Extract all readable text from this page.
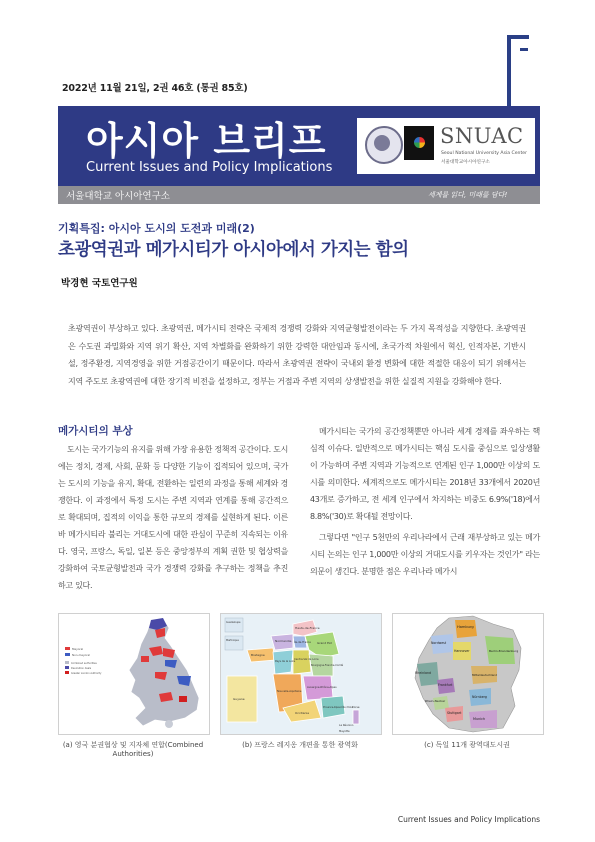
2022년 11월 21일, 2권 46호 (통권 85호)
아시아 브리프
Current Issues and Policy Implications
SNUAC
Seoul National University Asia Center
서울대학교아시아연구소
서울대학교 아시아연구소	세계를 읽다, 미래를 담다!
기획특집: 아시아 도시의 도전과 미래(2)
초광역권과 메가시티가 아시아에서 가지는 함의
박경현 국토연구원
초광역권이 부상하고 있다. 초광역권, 메가시티 전략은 국제적 경쟁력 강화와 지역균형발전이라는 두 가지 목적성을 지향한다. 초광역권은 수도권 과밀화와 지역 위기 확산, 지역 차별화를 완화하기 위한 강력한 대안임과 동시에, 초국가적 차원에서 혁신, 인적자본, 기반시설, 정주환경, 지역경영을 위한 거점공간이기 때문이다. 따라서 초광역권 전략이 국내외 환경 변화에 대한 적절한 대응이 되기 위해서는 지역 주도로 초광역권에 대한 장기적 비전을 설정하고, 정부는 거점과 주변 지역의 상생발전을 위한 실질적 지원을 강화해야 한다.
메가시티의 부상

도시는 국가기능의 유지를 위해 가장 유용한 정책적 공간이다. 도시에는 정치, 경제, 사회, 문화 등 다양한 기능이 집적되어 있으며, 국가는 도시의 기능을 유지, 확대, 전환하는 일련의 과정을 통해 세계와 경쟁한다. 이 과정에서 특정 도시는 주변 지역과 연계를 통해 공간적으로 확대되며, 집적의 이익을 통한 규모의 경제를 실현하게 된다. 이른바 메가시티라 불리는 거대도시에 대한 관심이 꾸준히 지속되는 이유다. 영국, 프랑스, 독일, 일본 등은 중앙정부의 계획 권한 및 협상력을 강화하여 국토균형발전과 국가 경쟁력 강화를 추구하는 정책을 추진하고 있다.

메가시티는 국가의 공간정책뿐만 아니라 세계 경제를 좌우하는 핵심적 이슈다. 일반적으로 메가시티는 핵심 도시를 중심으로 일상생활이 가능하며 주변 지역과 기능적으로 연계된 인구 1,000만 이상의 도시를 의미한다. 세계적으로도 메가시티는 2018년 33개에서 2020년 43개로 증가하고, 전 세계 인구에서 차지하는 비중도 6.9%('18)에서 8.8%('30)로 확대될 전망이다.

그렇다면 "인구 5천만의 우리나라에서 근래 재부상하고 있는 메가시티 논의는 인구 1,000만 이상의 거대도시를 키우자는 것인가" 라는 의문이 생긴다. 분명한 점은 우리나라 메가시

Mayoral
Non-mayoral
Combined authorities
Devolution deals
Greater London Authority
Hauts-de-France
Normandie Île-de-France Grand Est
Bretagne
Pays de la Loire
Centre-Val de Loire
Bourgogne-Franche-Comté
Nouvelle-Aquitaine
Auvergne-Rhône-Alpes
Occitanie
Provence-Alpes-Côte d'Azur
Corse
Guadeloupe
Martinique
Guyane
La Réunion
Mayotte
Hamburg
Nordwest
Hannover	Berlin-Brandenburg
Rheinland	Mitteldeutschland
Frankfurt
Nürnberg
Rhein-Neckar
Stuttgart
Munich
(a) 영국 분권협상 및 지자체 연합(Combined Authorities)
(b) 프랑스 레지옹 개편을 통한 광역화	(c) 독일 11개 광역대도시권
Current Issues and Policy Implications
